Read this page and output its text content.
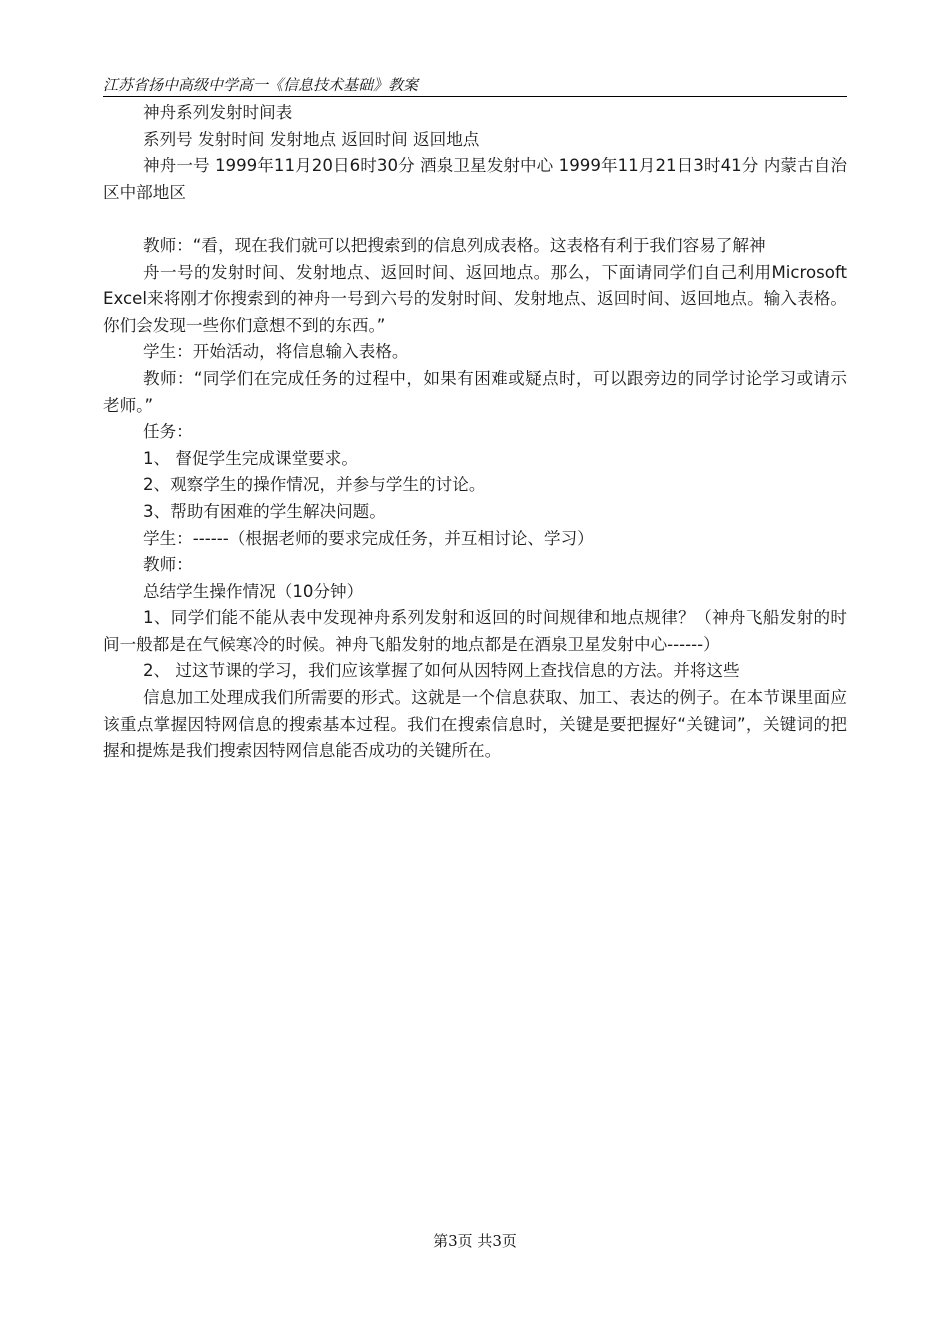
江苏省扬中高级中学高一《信息技术基础》教案

神舟系列发射时间表

系列号 发射时间 发射地点 返回时间 返回地点

神舟一号 1999年11月20日6时30分 酒泉卫星发射中心 1999年11月21日3时41分 内蒙古自治区中部地区

教师：“看，现在我们就可以把搜索到的信息列成表格。这表格有利于我们容易了解神

舟一号的发射时间、发射地点、返回时间、返回地点。那么，下面请同学们自己利用Microsoft Excel来将刚才你搜索到的神舟一号到六号的发射时间、发射地点、返回时间、返回地点。输入表格。你们会发现一些你们意想不到的东西。”

学生：开始活动，将信息输入表格。

教师：“同学们在完成任务的过程中，如果有困难或疑点时，可以跟旁边的同学讨论学习或请示老师。”

任务：

1、 督促学生完成课堂要求。

2、观察学生的操作情况，并参与学生的讨论。

3、帮助有困难的学生解决问题。

学生：------（根据老师的要求完成任务，并互相讨论、学习）

教师：

总结学生操作情况（10分钟）

1、同学们能不能从表中发现神舟系列发射和返回的时间规律和地点规律？（神舟飞船发射的时间一般都是在气候寒冷的时候。神舟飞船发射的地点都是在酒泉卫星发射中心------）

2、 过这节课的学习，我们应该掌握了如何从因特网上查找信息的方法。并将这些

信息加工处理成我们所需要的形式。这就是一个信息获取、加工、表达的例子。在本节课里面应该重点掌握因特网信息的搜索基本过程。我们在搜索信息时，关键是要把握好“关键词”，关键词的把握和提炼是我们搜索因特网信息能否成功的关键所在。

第3页 共3页
